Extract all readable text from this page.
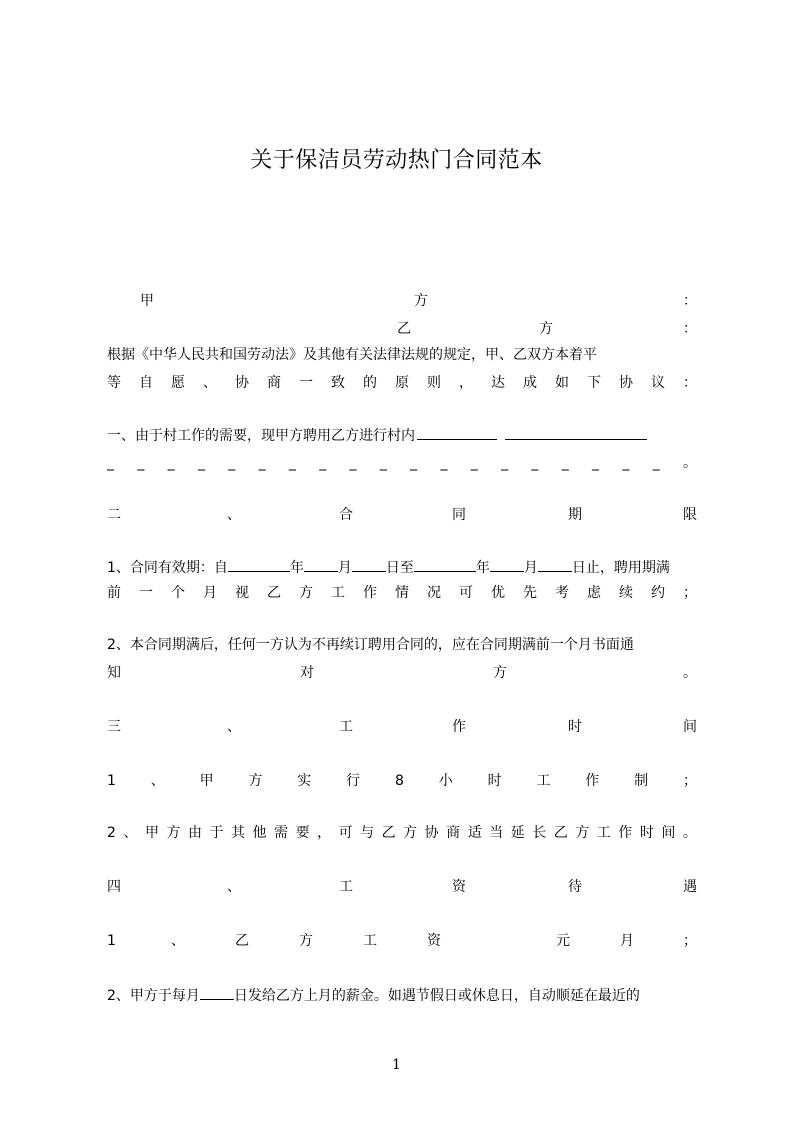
关于保洁员劳动热门合同范本
甲	方	：
乙	方	：
根据《中华人民共和国劳动法》及其他有关法律法规的规定，甲、乙双方本着平
等 自 愿 、 协 商 一 致 的 原 则 ， 达 成 如 下 协 议 ：
一、由于村工作的需要，现甲方聘用乙方进行村内
_ _ _ _ _ _ _ _ _ _ _ _ _ _ _ _ _ _ _ 。
二	、	合	同	期	限
1、合同有效期：自	年 月 日至	年 月 日止，聘用期满
前 一 个 月 视 乙 方 工 作 情 况 可 优 先 考 虑 续 约 ；
2、本合同期满后，任何一方认为不再续订聘用合同的，应在合同期满前一个月书面通
知	对	方	。
三	、	工	作	时	间
1 、 甲 方 实 行 8 小 时 工 作 制 ；
2 、 甲 方 由 于 其 他 需 要 ， 可 与 乙 方 协 商 适 当 延 长 乙 方 工 作 时 间 。
四	、	工	资	待	遇
1	、	乙	方	工	资	元	月	；
2、甲方于每月 日发给乙方上月的薪金。如遇节假日或休息日，自动顺延在最近的
1
